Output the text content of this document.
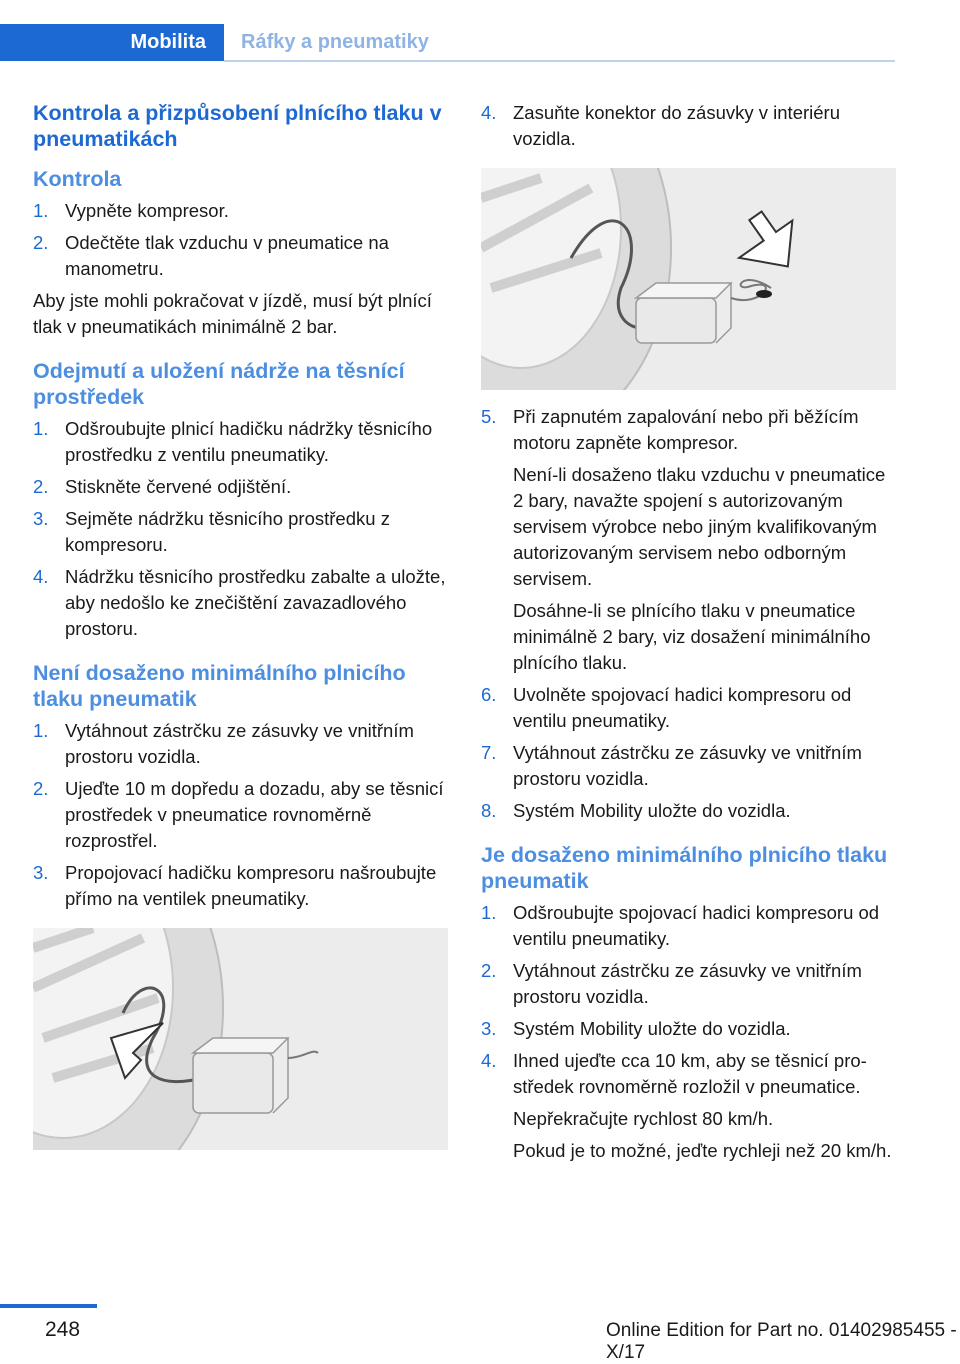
Mobilita	Ráfky a pneumatiky
Kontrola a přizpůsobení plnícího tlaku v pneumatikách
Kontrola
1. Vypněte kompresor.
2. Odečtěte tlak vzduchu v pneumatice na manometru.

Aby jste mohli pokračovat v jízdě, musí být plnící tlak v pneumatikách minimálně 2 bar.

Odejmutí a uložení nádrže na těsnící prostředek
1. Odšroubujte plnicí hadičku nádržky těsnicího prostředku z ventilu pneumatiky.
2. Stiskněte červené odjištění.
3. Sejměte nádržku těsnicího prostředku z kompresoru.
4. Nádržku těsnicího prostředku zabalte a uložte, aby nedošlo ke znečištění zavazadlového prostoru.
Není dosaženo minimálního plnicího tlaku pneumatik
1. Vytáhnout zástrčku ze zásuvky ve vnitřním prostoru vozidla.
2. Ujeďte 10 m dopředu a dozadu, aby se těsnicí prostředek v pneumatice rovnoměrně rozprostřel.
3. Propojovací hadičku kompresoru našroubujte přímo na ventilek pneumatiky.
4. Zasuňte konektor do zásuvky v interiéru vozidla.
5. Při zapnutém zapalování nebo při běžícím motoru zapněte kompresor.
Není-li dosaženo tlaku vzduchu v pneumatice 2 bary, navažte spojení s autorizovaným servisem výrobce nebo jiným kvalifikovaným autorizovaným servisem nebo odborným servisem.
Dosáhne-li se plnícího tlaku v pneumatice minimálně 2 bary, viz dosažení minimálního plnícího tlaku.
6. Uvolněte spojovací hadici kompresoru od ventilu pneumatiky.
7. Vytáhnout zástrčku ze zásuvky ve vnitřním prostoru vozidla.
8. Systém Mobility uložte do vozidla.
Je dosaženo minimálního plnicího tlaku pneumatik
1. Odšroubujte spojovací hadici kompresoru od ventilu pneumatiky.
2. Vytáhnout zástrčku ze zásuvky ve vnitřním prostoru vozidla.
3. Systém Mobility uložte do vozidla.
4. Ihned ujeďte cca 10 km, aby se těsnicí prostředek rovnoměrně rozložil v pneumatice.
Nepřekračujte rychlost 80 km/h.
Pokud je to možné, jeďte rychleji než 20 km/h.
248	Online Edition for Part no. 01402985455 - X/17
